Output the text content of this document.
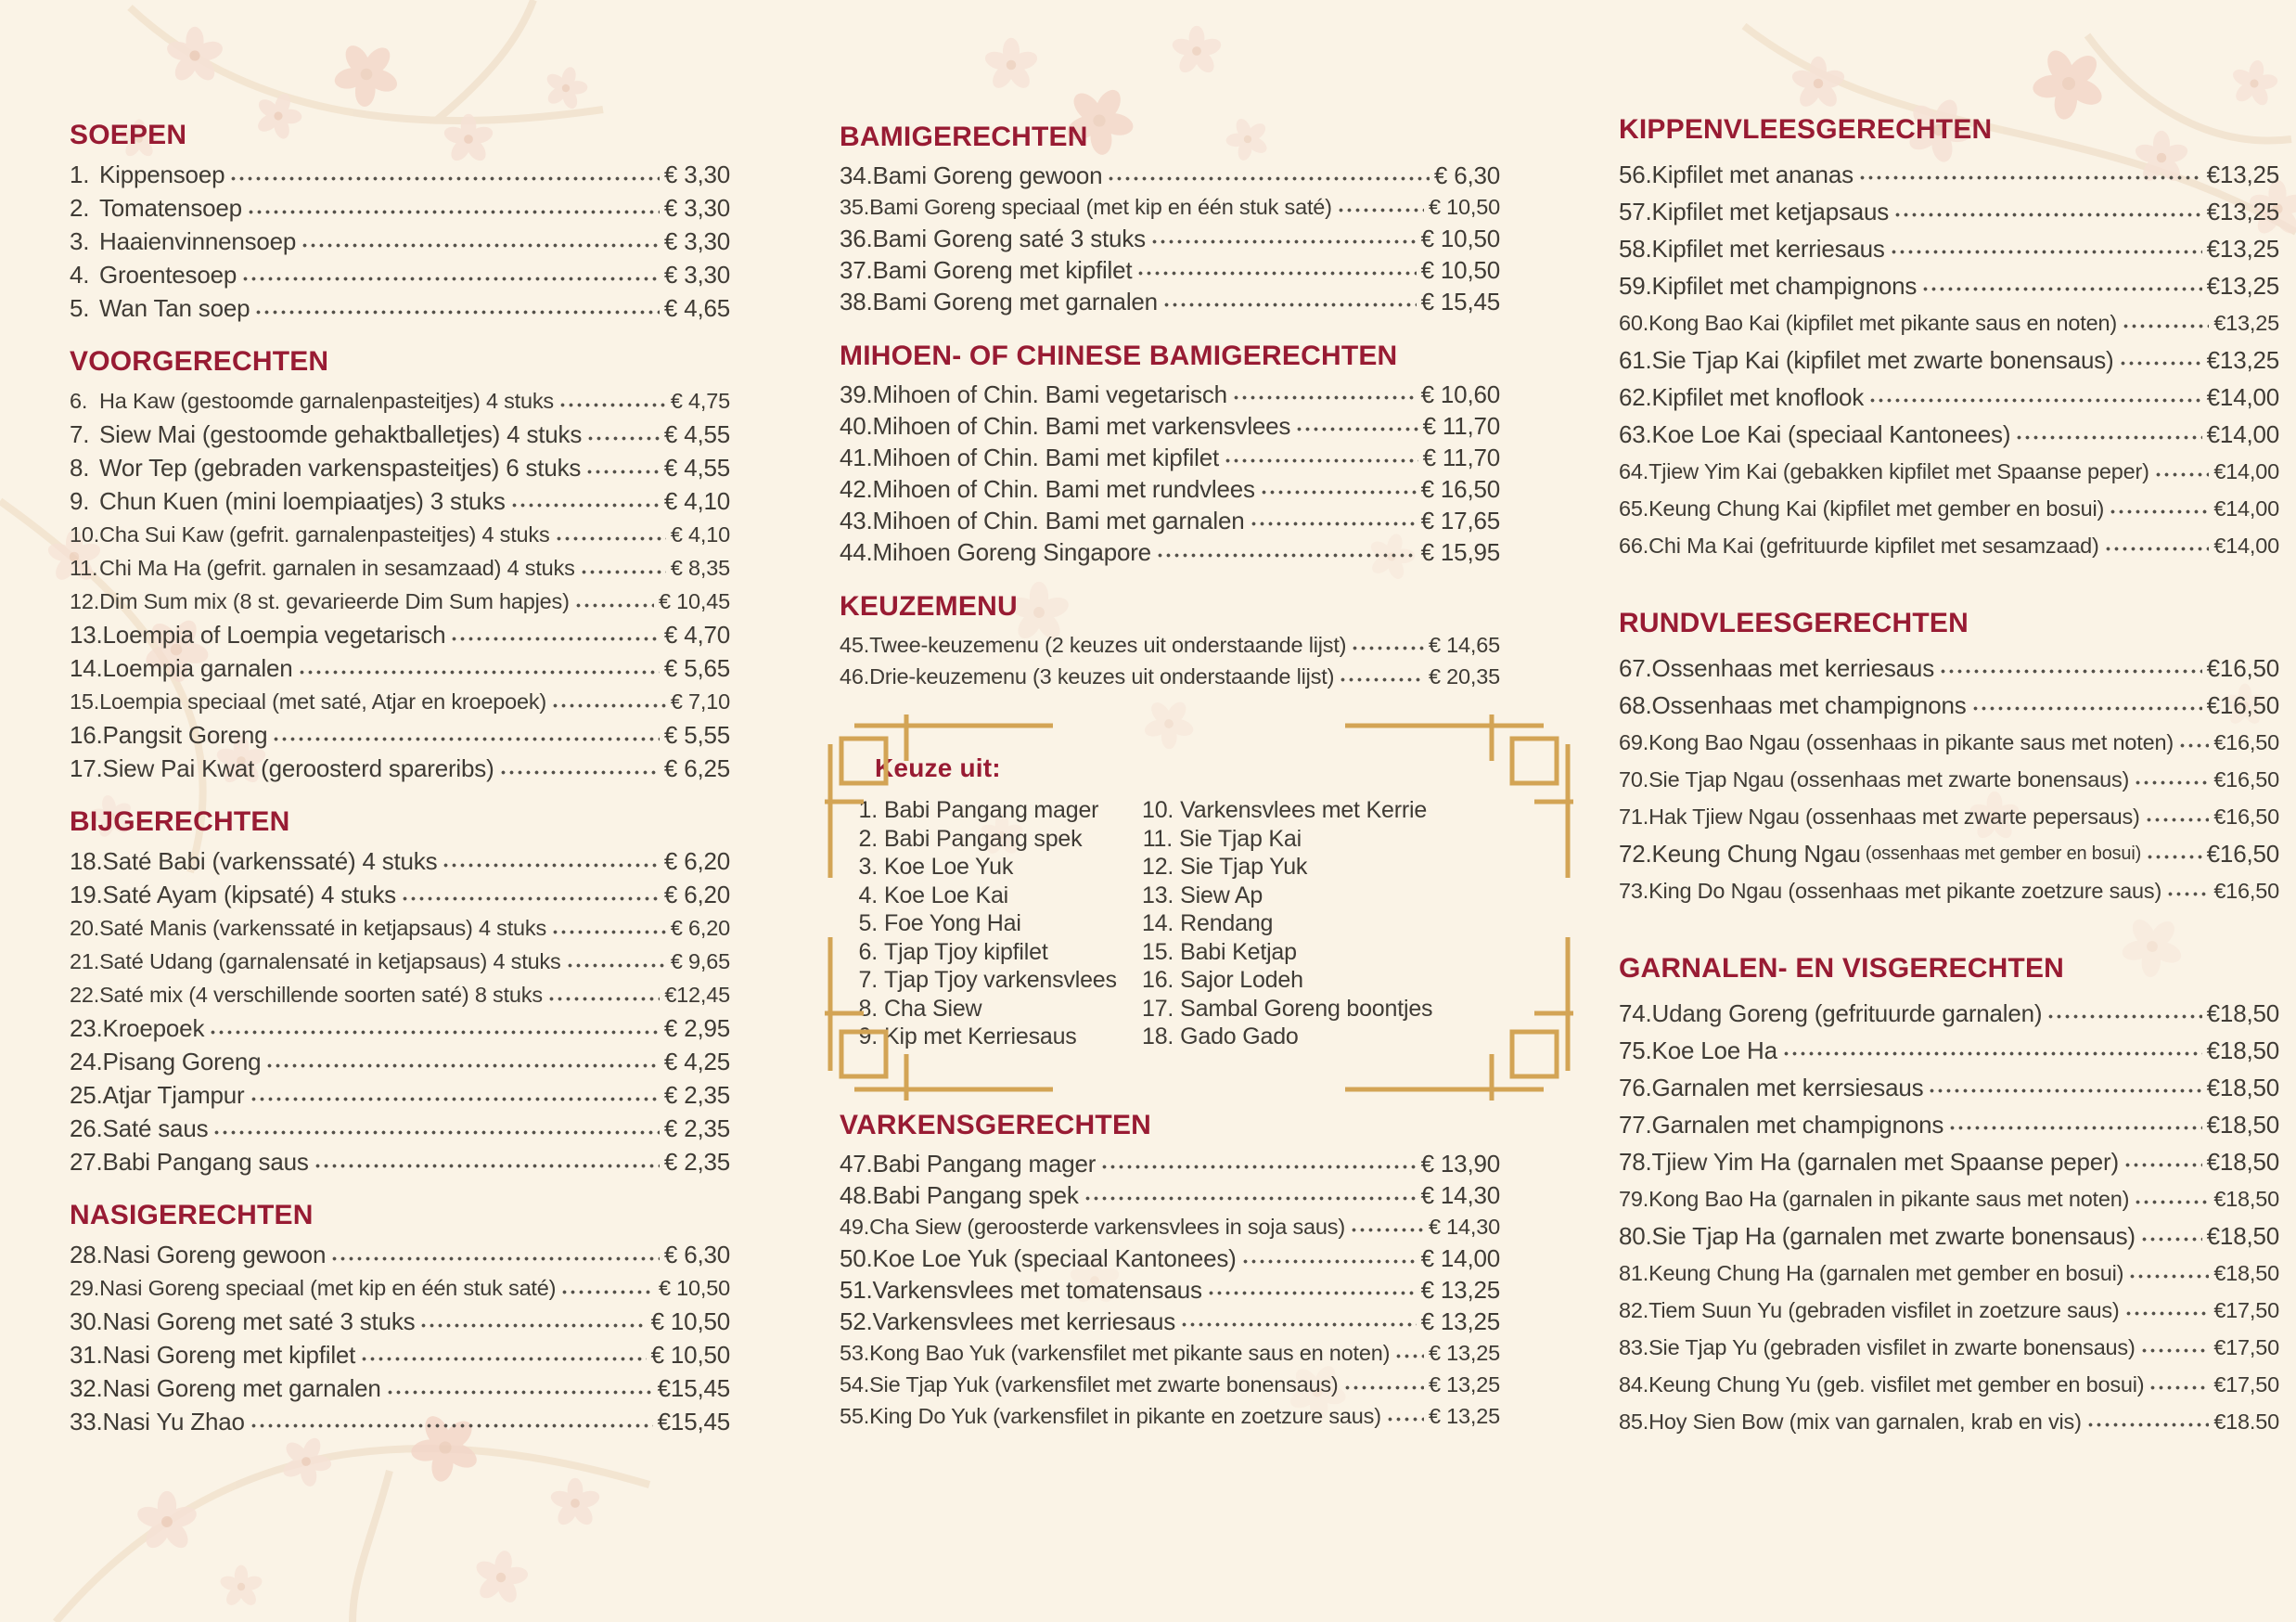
SOEPEN
1. Kippensoep	€ 3,30
2. Tomatensoep	€ 3,30
3. Haaienvinnensoep	€ 3,30
4. Groentesoep	€ 3,30
5. Wan Tan soep	€ 4,65
VOORGERECHTEN
6. Ha Kaw (gestoomde garnalenpasteitjes) 4 stuks	€ 4,75
7. Siew Mai (gestoomde gehaktballetjes) 4 stuks	€ 4,55
8. Wor Tep (gebraden varkenspasteitjes) 6 stuks	€ 4,55
9. Chun Kuen (mini loempiaatjes) 3 stuks	€ 4,10
10. Cha Sui Kaw (gefrit. garnalenpasteitjes) 4 stuks	€ 4,10
11. Chi Ma Ha (gefrit. garnalen in sesamzaad) 4 stuks	€ 8,35
12. Dim Sum mix (8 st. gevarieerde Dim Sum hapjes)	€ 10,45
13. Loempia of Loempia vegetarisch	€ 4,70
14. Loempia garnalen	€ 5,65
15. Loempia speciaal (met saté, Atjar en kroepoek)	€ 7,10
16. Pangsit Goreng	€ 5,55
17. Siew Pai Kwat (geroosterd spareribs)	€ 6,25
BIJGERECHTEN
18. Saté Babi (varkenssaté) 4 stuks	€ 6,20
19. Saté Ayam (kipsaté) 4 stuks	€ 6,20
20. Saté Manis (varkenssaté in ketjapsaus) 4 stuks	€ 6,20
21. Saté Udang (garnalensaté in ketjapsaus) 4 stuks	€ 9,65
22. Saté mix (4 verschillende soorten saté) 8 stuks	€12,45
23. Kroepoek	€ 2,95
24. Pisang Goreng	€ 4,25
25. Atjar Tjampur	€ 2,35
26. Saté saus	€ 2,35
27. Babi Pangang saus	€ 2,35
NASIGERECHTEN
28. Nasi Goreng gewoon	€ 6,30
29. Nasi Goreng speciaal (met kip en één stuk saté)	€ 10,50
30. Nasi Goreng met saté 3 stuks	€ 10,50
31. Nasi Goreng met kipfilet	€ 10,50
32. Nasi Goreng met garnalen	€15,45
33. Nasi Yu Zhao	€15,45
BAMIGERECHTEN
34. Bami Goreng gewoon	€ 6,30
35. Bami Goreng speciaal (met kip en één stuk saté)	€ 10,50
36. Bami Goreng saté 3 stuks	€ 10,50
37. Bami Goreng met kipfilet	€ 10,50
38. Bami Goreng met garnalen	€ 15,45
MIHOEN- OF CHINESE BAMIGERECHTEN
39. Mihoen of Chin. Bami vegetarisch	€ 10,60
40. Mihoen of Chin. Bami met varkensvlees	€ 11,70
41. Mihoen of Chin. Bami met kipfilet	€ 11,70
42. Mihoen of Chin. Bami met rundvlees	€ 16,50
43. Mihoen of Chin. Bami met garnalen	€ 17,65
44. Mihoen Goreng Singapore	€ 15,95
KEUZEMENU
45. Twee-keuzemenu (2 keuzes uit onderstaande lijst)	€ 14,65
46. Drie-keuzemenu (3 keuzes uit onderstaande lijst)	€ 20,35
KIPPENVLEESGERECHTEN
56. Kipfilet met ananas	€13,25
57. Kipfilet met ketjapsaus	€13,25
58. Kipfilet met kerriesaus	€13,25
59. Kipfilet met champignons	€13,25
60. Kong Bao Kai (kipfilet met pikante saus en noten)	€13,25
61. Sie Tjap Kai (kipfilet met zwarte bonensaus)	€13,25
62. Kipfilet met knoflook	€14,00
63. Koe Loe Kai (speciaal Kantonees)	€14,00
64. Tjiew Yim Kai (gebakken kipfilet met Spaanse peper)	€14,00
65. Keung Chung Kai (kipfilet met gember en bosui)	€14,00
66. Chi Ma Kai (gefrituurde kipfilet met sesamzaad)	€14,00
RUNDVLEESGERECHTEN
67. Ossenhaas met kerriesaus	€16,50
68. Ossenhaas met champignons	€16,50
69. Kong Bao Ngau (ossenhaas in pikante saus met noten) €16,50
70. Sie Tjap Ngau (ossenhaas met zwarte bonensaus)	€16,50
71. Hak Tjiew Ngau (ossenhaas met zwarte pepersaus)	€16,50
72. Keung Chung Ngau (ossenhaas met gember en bosui)	€16,50
73. King Do Ngau (ossenhaas met pikante zoetzure saus) €16,50
GARNALEN- EN VISGERECHTEN
74. Udang Goreng (gefrituurde garnalen)	€18,50
75. Koe Loe Ha	€18,50
76. Garnalen met kerrsiesaus	€18,50
77. Garnalen met champignons	€18,50
78. Tjiew Yim Ha (garnalen met Spaanse peper)	€18,50
79. Kong Bao Ha (garnalen in pikante saus met noten)	€18,50
80. Sie Tjap Ha (garnalen met zwarte bonensaus)	€18,50
81. Keung Chung Ha (garnalen met gember en bosui)	€18,50
82. Tiem Suun Yu (gebraden visfilet in zoetzure saus)	€17,50
83. Sie Tjap Yu (gebraden visfilet in zwarte bonensaus)	€17,50
84. Keung Chung Yu (geb. visfilet met gember en bosui)	€17,50
85. Hoy Sien Bow (mix van garnalen, krab en vis)	€18.50
VARKENSGERECHTEN
47. Babi Pangang mager	€ 13,90
48. Babi Pangang spek	€ 14,30
49. Cha Siew (geroosterde varkensvlees in soja saus)	€ 14,30
50. Koe Loe Yuk (speciaal Kantonees)	€ 14,00
51. Varkensvlees met tomatensaus	€ 13,25
52. Varkensvlees met kerriesaus	€ 13,25
53. Kong Bao Yuk (varkensfilet met pikante saus en noten) € 13,25
54. Sie Tjap Yuk (varkensfilet met zwarte bonensaus)	€ 13,25
55. King Do Yuk (varkensfilet in pikante en zoetzure saus) € 13,25
Keuze uit:
1. Babi Pangang mager
2. Babi Pangang spek
3. Koe Loe Yuk
4. Koe Loe Kai
5. Foe Yong Hai
6. Tjap Tjoy kipfilet
7. Tjap Tjoy varkensvlees
8. Cha Siew
9. Kip met Kerriesaus
10. Varkensvlees met Kerrie
11. Sie Tjap Kai
12. Sie Tjap Yuk
13. Siew Ap
14. Rendang
15. Babi Ketjap
16. Sajor Lodeh
17. Sambal Goreng boontjes
18. Gado Gado
